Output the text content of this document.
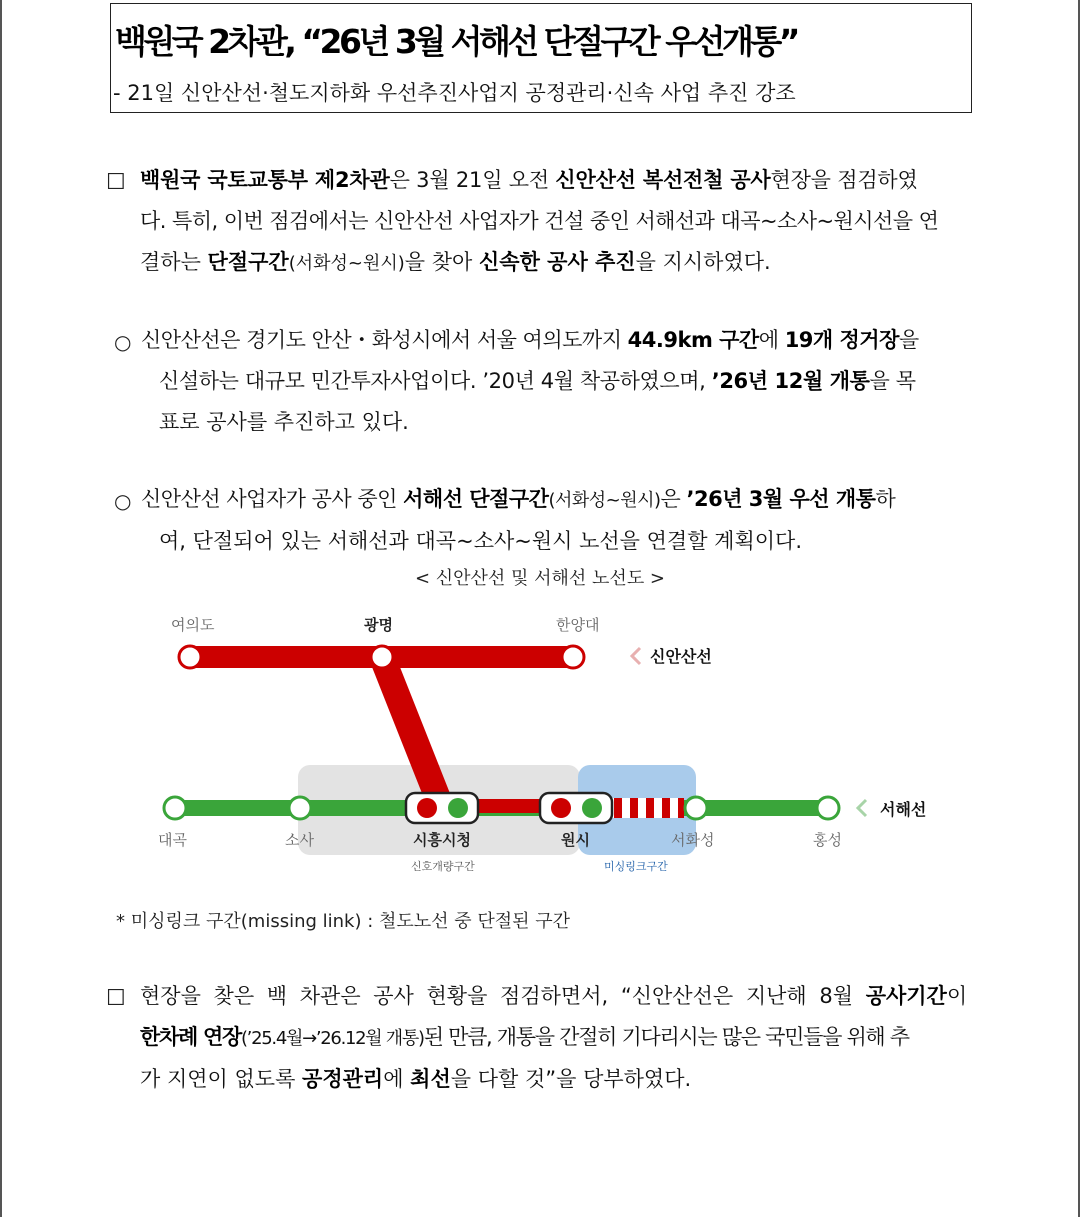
백원국 2차관, “26년 3월 서해선 단절구간 우선개통”
- 21일 신안산선·철도지하화 우선추진사업지 공정관리·신속 사업 추진 강조
☐ 백원국 국토교통부 제2차관은 3월 21일 오전 신안산선 복선전철 공사현장을 점검하였
다. 특히, 이번 점검에서는 신안산선 사업자가 건설 중인 서해선과 대곡~소사~원시선을 연
결하는 단절구간(서화성~원시)을 찾아 신속한 공사 추진을 지시하였다.
○ 신안산선은 경기도 안산・화성시에서 서울 여의도까지 44.9km 구간에 19개 정거장을
신설하는 대규모 민간투자사업이다. ’20년 4월 착공하였으며, ’26년 12월 개통을 목
표로 공사를 추진하고 있다.
○ 신안산선 사업자가 공사 중인 서해선 단절구간(서화성~원시)은 ’26년 3월 우선 개통하
여, 단절되어 있는 서해선과 대곡~소사~원시 노선을 연결할 계획이다.
< 신안산선 및 서해선 노선도 >
신안산선
서해선
여의도	광명	한양대
대곡	소사	시흥시청	원시	서화성	홍성
신호개량구간	미싱링크구간
* 미싱링크 구간(missing link) : 철도노선 중 단절된 구간
☐ 현장을 찾은 백 차관은 공사 현황을 점검하면서, “신안산선은 지난해 8월 공사기간이
한차례 연장(’25.4월→’26.12월 개통)된 만큼, 개통을 간절히 기다리시는 많은 국민들을 위해 추
가 지연이 없도록 공정관리에 최선을 다할 것”을 당부하였다.
